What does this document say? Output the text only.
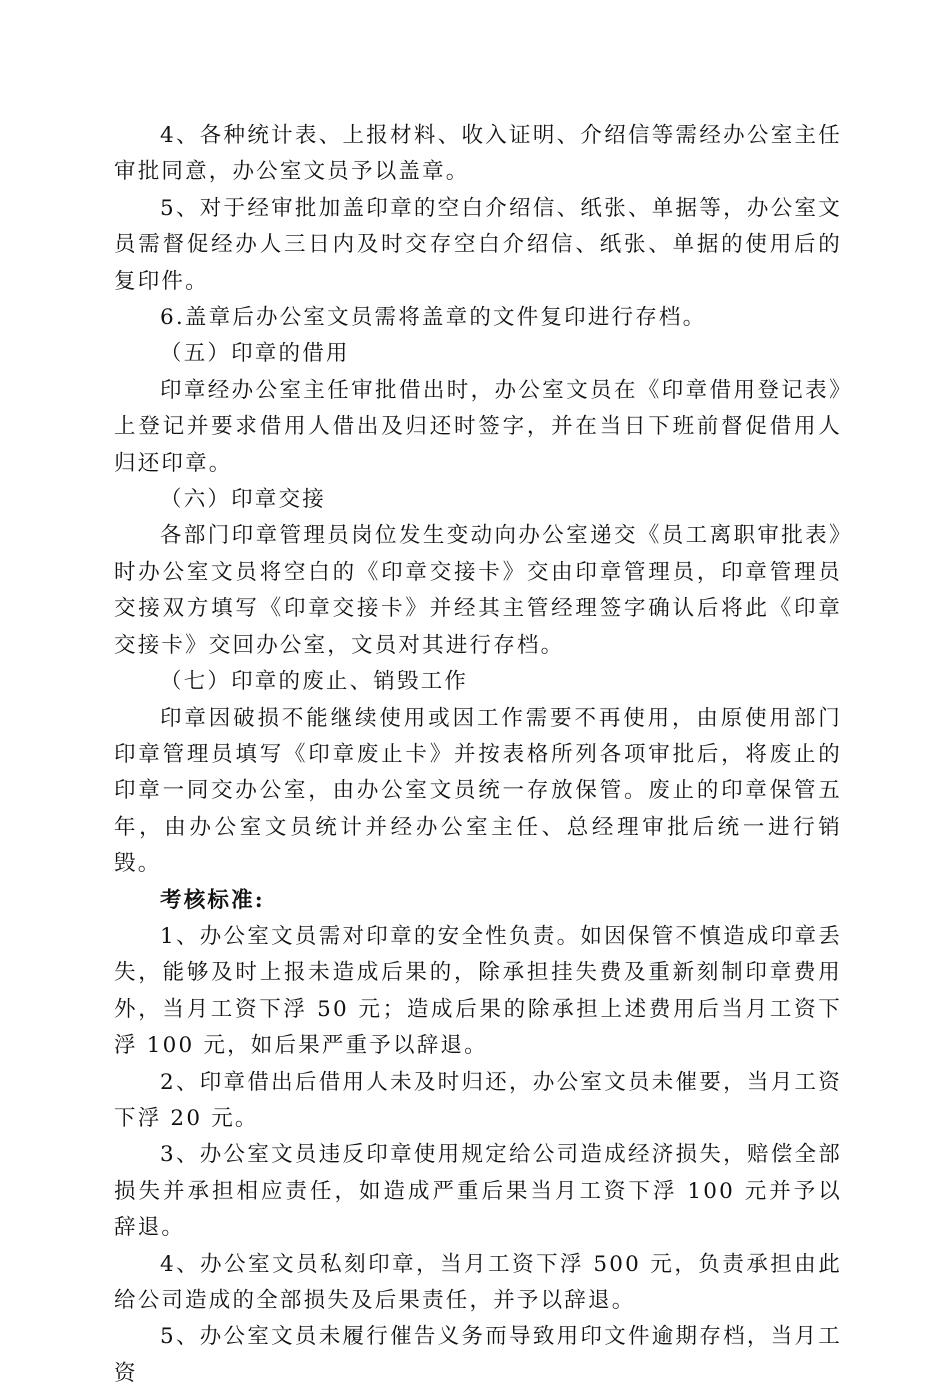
4、各种统计表、上报材料、收入证明、介绍信等需经办公室主任审批同意，办公室文员予以盖章。

5、对于经审批加盖印章的空白介绍信、纸张、单据等，办公室文员需督促经办人三日内及时交存空白介绍信、纸张、单据的使用后的复印件。

6.盖章后办公室文员需将盖章的文件复印进行存档。

（五）印章的借用

印章经办公室主任审批借出时，办公室文员在《印章借用登记表》上登记并要求借用人借出及归还时签字，并在当日下班前督促借用人归还印章。

（六）印章交接

各部门印章管理员岗位发生变动向办公室递交《员工离职审批表》时办公室文员将空白的《印章交接卡》交由印章管理员，印章管理员交接双方填写《印章交接卡》并经其主管经理签字确认后将此《印章交接卡》交回办公室，文员对其进行存档。

（七）印章的废止、销毁工作

印章因破损不能继续使用或因工作需要不再使用，由原使用部门印章管理员填写《印章废止卡》并按表格所列各项审批后，将废止的印章一同交办公室，由办公室文员统一存放保管。废止的印章保管五年，由办公室文员统计并经办公室主任、总经理审批后统一进行销毁。

考核标准:

1、办公室文员需对印章的安全性负责。如因保管不慎造成印章丢失，能够及时上报未造成后果的，除承担挂失费及重新刻制印章费用外，当月工资下浮 50 元；造成后果的除承担上述费用后当月工资下浮 100 元，如后果严重予以辞退。

2、印章借出后借用人未及时归还，办公室文员未催要，当月工资下浮 20 元。

3、办公室文员违反印章使用规定给公司造成经济损失，赔偿全部损失并承担相应责任，如造成严重后果当月工资下浮 100 元并予以辞退。

4、办公室文员私刻印章，当月工资下浮 500 元，负责承担由此给公司造成的全部损失及后果责任，并予以辞退。

5、办公室文员未履行催告义务而导致用印文件逾期存档，当月工资
